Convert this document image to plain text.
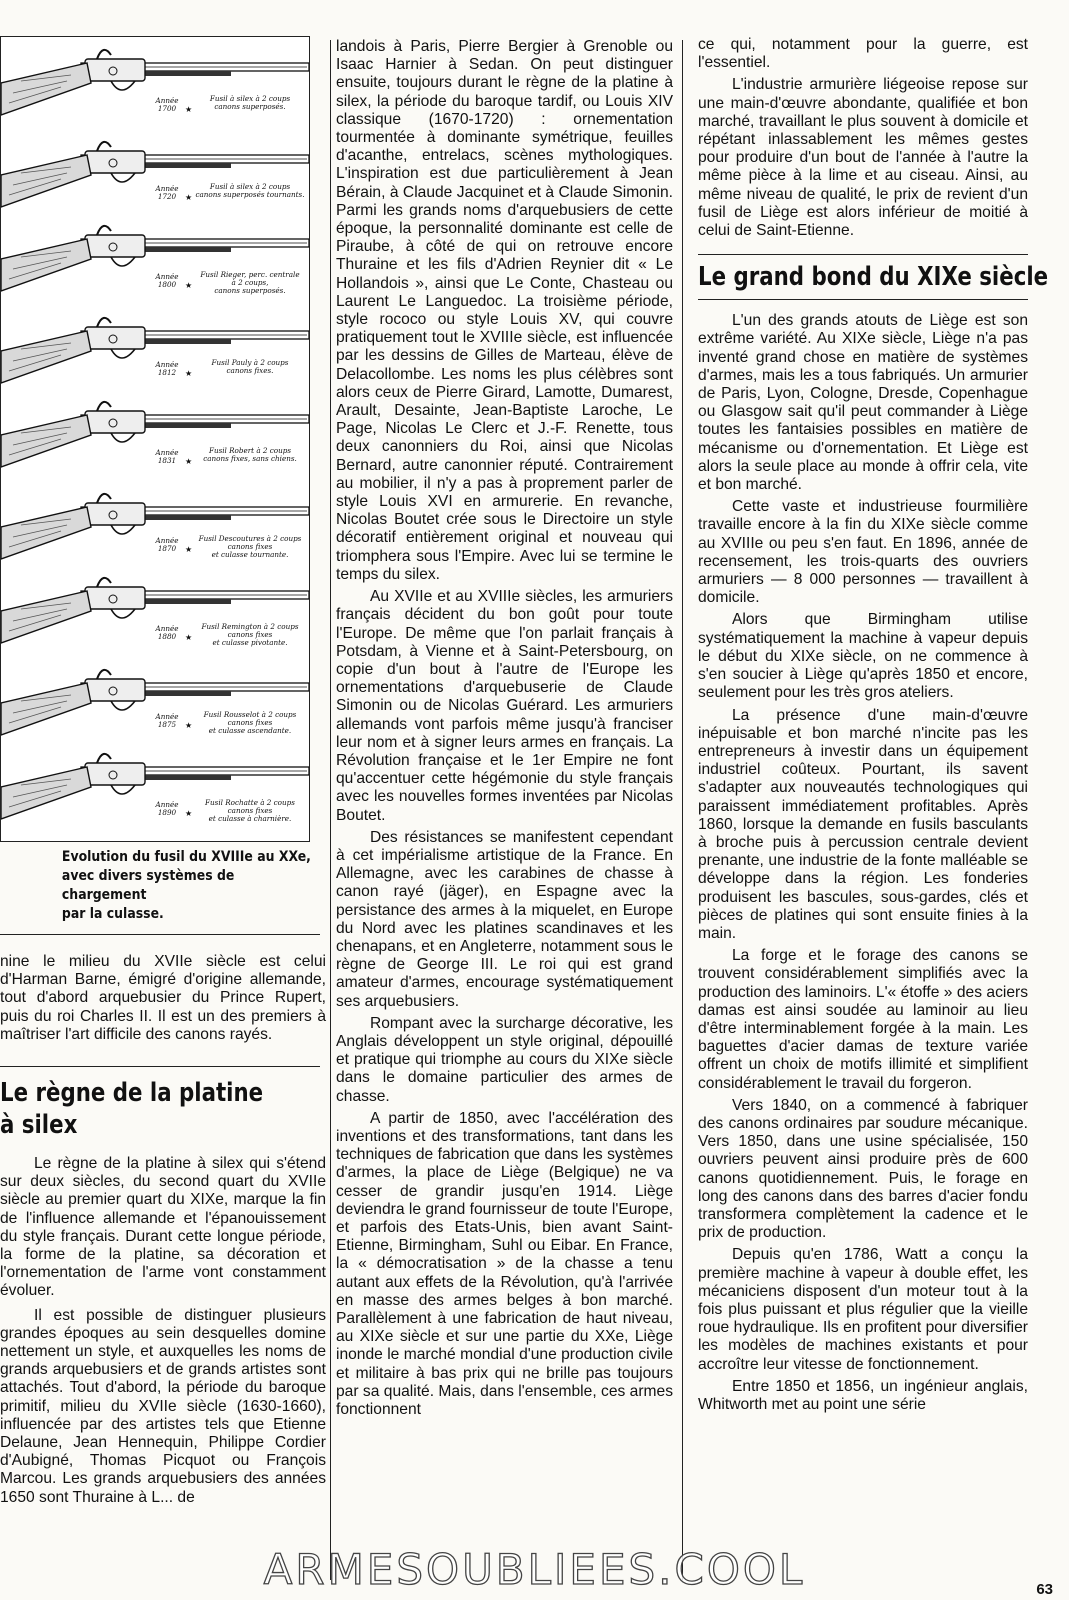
Année
1700	★
Fusil à silex à 2 coups
canons superposés.
Année
1720	★
Fusil à silex à 2 coups
canons superposés tournants.
Année
1800	★
Fusil Rieger, perc. centrale
à 2 coups,
canons superposés.
Année
1812	★
Fusil Pauly à 2 coups
canons fixes.
Année
1831	★
Fusil Robert à 2 coups
canons fixes, sans chiens.
Année
1870	★
Fusil Descoutures à 2 coups
canons fixes
et culasse tournante.
Année
1880	★
Fusil Remington à 2 coups
canons fixes
et culasse pivotante.
Année
1875	★
Fusil Rousselot à 2 coups
canons fixes
et culasse ascendante.
Année
1890	★
Fusil Rochatte à 2 coups
canons fixes
et culasse à charnière.
Evolution du fusil du XVIIIe au XXe,
avec divers systèmes de chargement
par la culasse.

nine le milieu du XVIIe siècle est celui d'Harman Barne, émigré d'origine allemande, tout d'abord arquebusier du Prince Rupert, puis du roi Charles II. Il est un des premiers à maîtriser l'art difficile des canons rayés.

Le règne de la platine
à silex

Le règne de la platine à silex qui s'étend sur deux siècles, du second quart du XVIIe siècle au premier quart du XIXe, marque la fin de l'influence allemande et l'épanouissement du style français. Durant cette longue période, la forme de la platine, sa décoration et l'ornementation de l'arme vont constamment évoluer.

Il est possible de distinguer plusieurs grandes époques au sein desquelles domine nettement un style, et auxquelles les noms de grands arquebusiers et de grands artistes sont attachés. Tout d'abord, la période du baroque primitif, milieu du XVIIe siècle (1630-1660), influencée par des artistes tels que Etienne Delaune, Jean Hennequin, Philippe Cordier d'Aubigné, Thomas Picquot ou François Marcou. Les grands arquebusiers des années 1650 sont Thuraine à L... de

landois à Paris, Pierre Bergier à Grenoble ou Isaac Harnier à Sedan. On peut distinguer ensuite, toujours durant le règne de la platine à silex, la période du baroque tardif, ou Louis XIV classique (1670-1720) : ornementation tourmentée à dominante symétrique, feuilles d'acanthe, entrelacs, scènes mythologiques. L'inspiration est due particulièrement à Jean Bérain, à Claude Jacquinet et à Claude Simonin. Parmi les grands noms d'arquebusiers de cette époque, la personnalité dominante est celle de Piraube, à côté de qui on retrouve encore Thuraine et les fils d'Adrien Reynier dit « Le Hollandois », ainsi que Le Conte, Chasteau ou Laurent Le Languedoc. La troisième période, style rococo ou style Louis XV, qui couvre pratiquement tout le XVIIIe siècle, est influencée par les dessins de Gilles de Marteau, élève de Delacollombe. Les noms les plus célèbres sont alors ceux de Pierre Girard, Lamotte, Dumarest, Arault, Desainte, Jean-Baptiste Laroche, Le Page, Nicolas Le Clerc et J.-F. Renette, tous deux canonniers du Roi, ainsi que Nicolas Bernard, autre canonnier réputé. Contrairement au mobilier, il n'y a pas à proprement parler de style Louis XVI en armurerie. En revanche, Nicolas Boutet crée sous le Directoire un style décoratif entièrement original et nouveau qui triomphera sous l'Empire. Avec lui se termine le temps du silex.

Au XVIIe et au XVIIIe siècles, les armuriers français décident du bon goût pour toute l'Europe. De même que l'on parlait français à Potsdam, à Vienne et à Saint-Petersbourg, on copie d'un bout à l'autre de l'Europe les ornementations d'arquebuserie de Claude Simonin ou de Nicolas Guérard. Les armuriers allemands vont parfois même jusqu'à franciser leur nom et à signer leurs armes en français. La Révolution française et le 1er Empire ne font qu'accentuer cette hégémonie du style français avec les nouvelles formes inventées par Nicolas Boutet.

Des résistances se manifestent cependant à cet impérialisme artistique de la France. En Allemagne, avec les carabines de chasse à canon rayé (jäger), en Espagne avec la persistance des armes à la miquelet, en Europe du Nord avec les platines scandinaves et les chenapans, et en Angleterre, notamment sous le règne de George III. Le roi qui est grand amateur d'armes, encourage systématiquement ses arquebusiers.

Rompant avec la surcharge décorative, les Anglais développent un style original, dépouillé et pratique qui triomphe au cours du XIXe siècle dans le domaine particulier des armes de chasse.

A partir de 1850, avec l'accélération des inventions et des transformations, tant dans les techniques de fabrication que dans les systèmes d'armes, la place de Liège (Belgique) ne va cesser de grandir jusqu'en 1914. Liège deviendra le grand fournisseur de toute l'Europe, et parfois des Etats-Unis, bien avant Saint-Etienne, Birmingham, Suhl ou Eibar. En France, la « démocratisation » de la chasse a tenu autant aux effets de la Révolution, qu'à l'arrivée en masse des armes belges à bon marché. Parallèlement à une fabrication de haut niveau, au XIXe siècle et sur une partie du XXe, Liège inonde le marché mondial d'une production civile et militaire à bas prix qui ne brille pas toujours par sa qualité. Mais, dans l'ensemble, ces armes fonctionnent

ce qui, notamment pour la guerre, est l'essentiel.

L'industrie armurière liégeoise repose sur une main-d'œuvre abondante, qualifiée et bon marché, travaillant le plus souvent à domicile et répétant inlassablement les mêmes gestes pour produire d'un bout de l'année à l'autre la même pièce à la lime et au ciseau. Ainsi, au même niveau de qualité, le prix de revient d'un fusil de Liège est alors inférieur de moitié à celui de Saint-Etienne.

Le grand bond du XIXe siècle

L'un des grands atouts de Liège est son extrême variété. Au XIXe siècle, Liège n'a pas inventé grand chose en matière de systèmes d'armes, mais les a tous fabriqués. Un armurier de Paris, Lyon, Cologne, Dresde, Copenhague ou Glasgow sait qu'il peut commander à Liège toutes les fantaisies possibles en matière de mécanisme ou d'ornementation. Et Liège est alors la seule place au monde à offrir cela, vite et bon marché.

Cette vaste et industrieuse fourmilière travaille encore à la fin du XIXe siècle comme au XVIIIe ou peu s'en faut. En 1896, année de recensement, les trois-quarts des ouvriers armuriers — 8 000 personnes — travaillent à domicile.

Alors que Birmingham utilise systématiquement la machine à vapeur depuis le début du XIXe siècle, on ne commence à s'en soucier à Liège qu'après 1850 et encore, seulement pour les très gros ateliers.

La présence d'une main-d'œuvre inépuisable et bon marché n'incite pas les entrepreneurs à investir dans un équipement industriel coûteux. Pourtant, ils savent s'adapter aux nouveautés technologiques qui paraissent immédiatement profitables. Après 1860, lorsque la demande en fusils basculants à broche puis à percussion centrale devient prenante, une industrie de la fonte malléable se développe dans la région. Les fonderies produisent les bascules, sous-gardes, clés et pièces de platines qui sont ensuite finies à la main.

La forge et le forage des canons se trouvent considérablement simplifiés avec la production des laminoirs. L'« étoffe » des aciers damas est ainsi soudée au laminoir au lieu d'être interminablement forgée à la main. Les baguettes d'acier damas de texture variée offrent un choix de motifs illimité et simplifient considérablement le travail du forgeron.

Vers 1840, on a commencé à fabriquer des canons ordinaires par soudure mécanique. Vers 1850, dans une usine spécialisée, 150 ouvriers peuvent ainsi produire près de 600 canons quotidiennement. Puis, le forage en long des canons dans des barres d'acier fondu transformera complètement la cadence et le prix de production.

Depuis qu'en 1786, Watt a conçu la première machine à vapeur à double effet, les mécaniciens disposent d'un moteur tout à la fois plus puissant et plus régulier que la vieille roue hydraulique. Ils en profitent pour diversifier les modèles de machines existants et pour accroître leur vitesse de fonctionnement.

Entre 1850 et 1856, un ingénieur anglais, Whitworth met au point une série

ARMESOUBLIEES.COOL	63
